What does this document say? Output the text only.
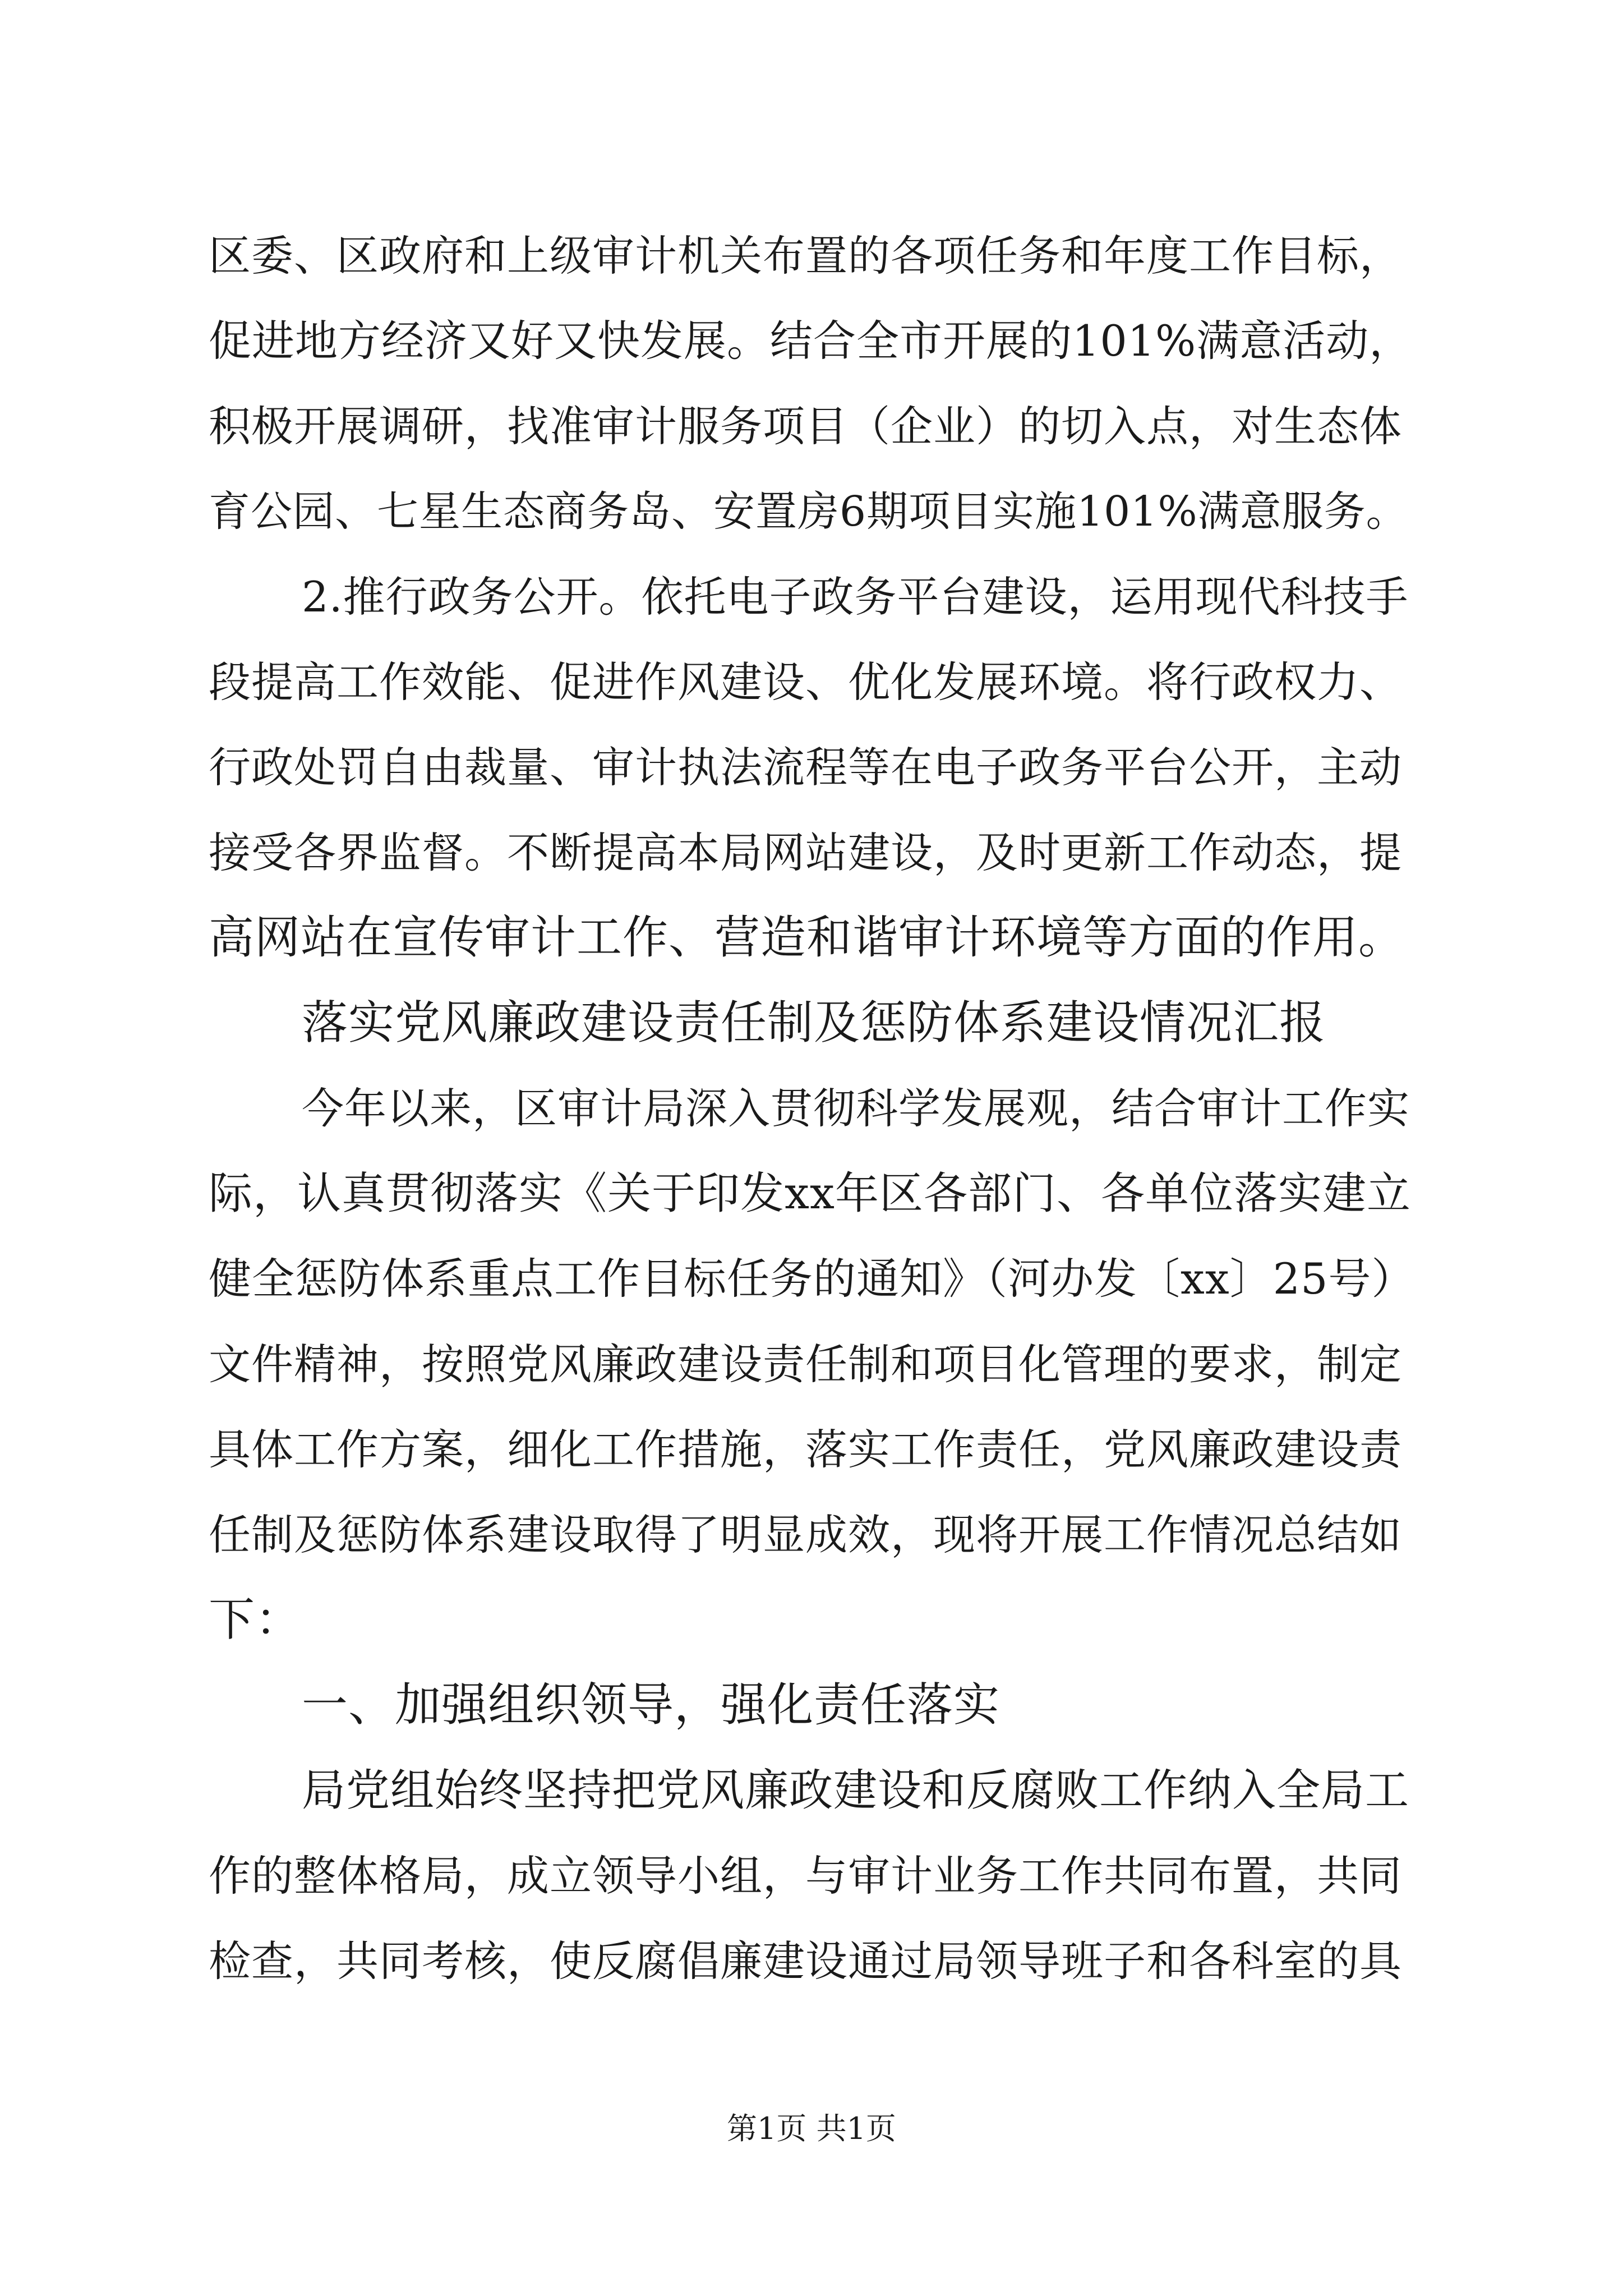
区委、区政府和上级审计机关布置的各项任务和年度工作目标，
促进地方经济又好又快发展。结合全市开展的101%满意活动，
积极开展调研，找准审计服务项目（企业）的切入点，对生态体
育公园、七星生态商务岛、安置房6期项目实施101%满意服务。
2.推行政务公开。依托电子政务平台建设，运用现代科技手
段提高工作效能、促进作风建设、优化发展环境。将行政权力、
行政处罚自由裁量、审计执法流程等在电子政务平台公开，主动
接受各界监督。不断提高本局网站建设，及时更新工作动态，提
高网站在宣传审计工作、营造和谐审计环境等方面的作用。
落实党风廉政建设责任制及惩防体系建设情况汇报
今年以来，区审计局深入贯彻科学发展观，结合审计工作实
际，认真贯彻落实《关于印发xx年区各部门、各单位落实建立
健全惩防体系重点工作目标任务的通知》（河办发〔xx〕25号）
文件精神，按照党风廉政建设责任制和项目化管理的要求，制定
具体工作方案，细化工作措施，落实工作责任，党风廉政建设责
任制及惩防体系建设取得了明显成效，现将开展工作情况总结如
下：
一、加强组织领导，强化责任落实
局党组始终坚持把党风廉政建设和反腐败工作纳入全局工
作的整体格局，成立领导小组，与审计业务工作共同布置，共同
检查，共同考核，使反腐倡廉建设通过局领导班子和各科室的具
第1页 共1页
